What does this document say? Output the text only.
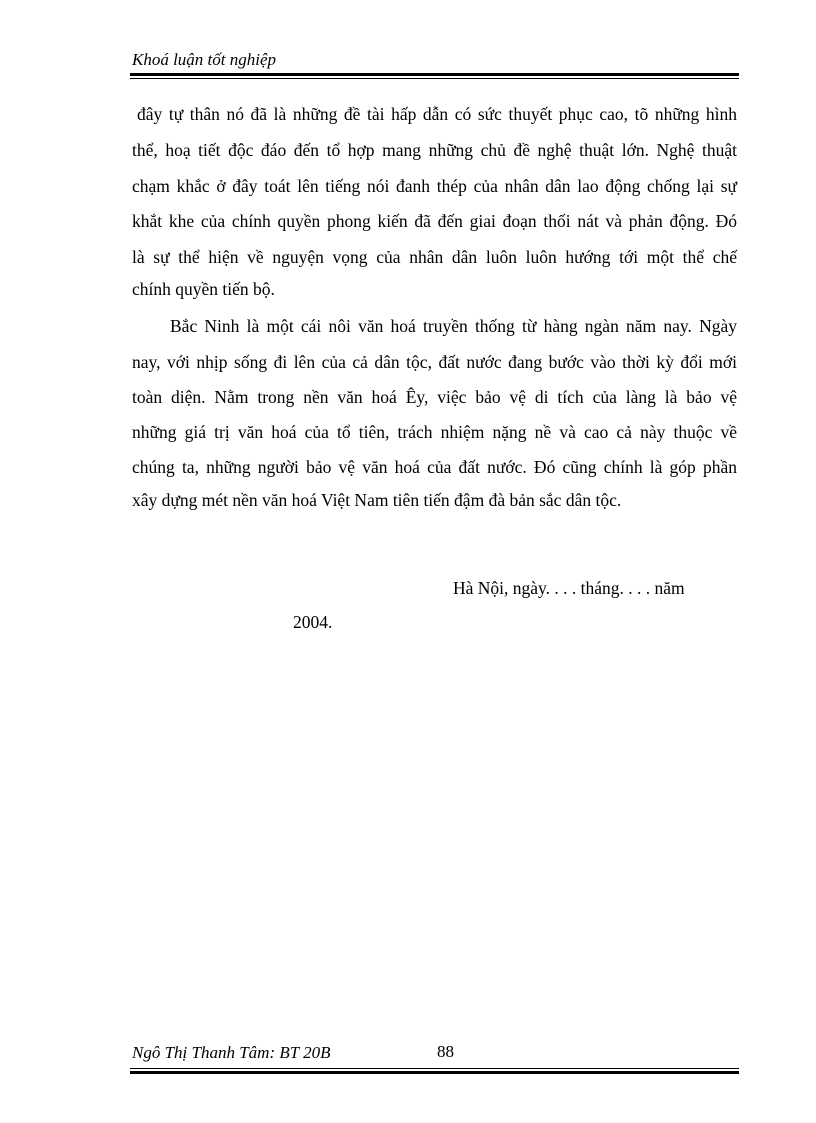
Khoá luận tốt nghiệp
đây tự thân nó đã là những đề tài hấp dẫn có sức thuyết phục cao, tõ những hình
thể, hoạ tiết độc đáo đến tổ hợp mang những chủ đề nghệ thuật lớn. Nghệ thuật
chạm khắc ở đây toát lên tiếng nói đanh thép của nhân dân lao động chống lại sự
khắt khe của chính quyền phong kiến đã đến giai đoạn thối nát và phản động. Đó
là sự thể hiện về nguyện vọng của nhân dân luôn luôn hướng tới một thể chế
chính quyền tiến bộ.
Bắc Ninh là một cái nôi văn hoá truyền thống từ hàng ngàn năm nay. Ngày
nay, với nhịp sống đi lên của cả dân tộc, đất nước đang bước vào thời kỳ đổi mới
toàn diện. Nằm trong nền văn hoá Êy, việc bảo vệ di tích của làng là bảo vệ
những giá trị văn hoá của tổ tiên, trách nhiệm nặng nề và cao cả này thuộc về
chúng ta, những người bảo vệ văn hoá của đất nước. Đó cũng chính là góp phần
xây dựng mét nền văn hoá Việt Nam tiên tiến đậm đà bản sắc dân tộc.
Hà Nội, ngày. . . . tháng. . . . năm
2004.
Ngô Thị Thanh Tâm: BT 20B	88
